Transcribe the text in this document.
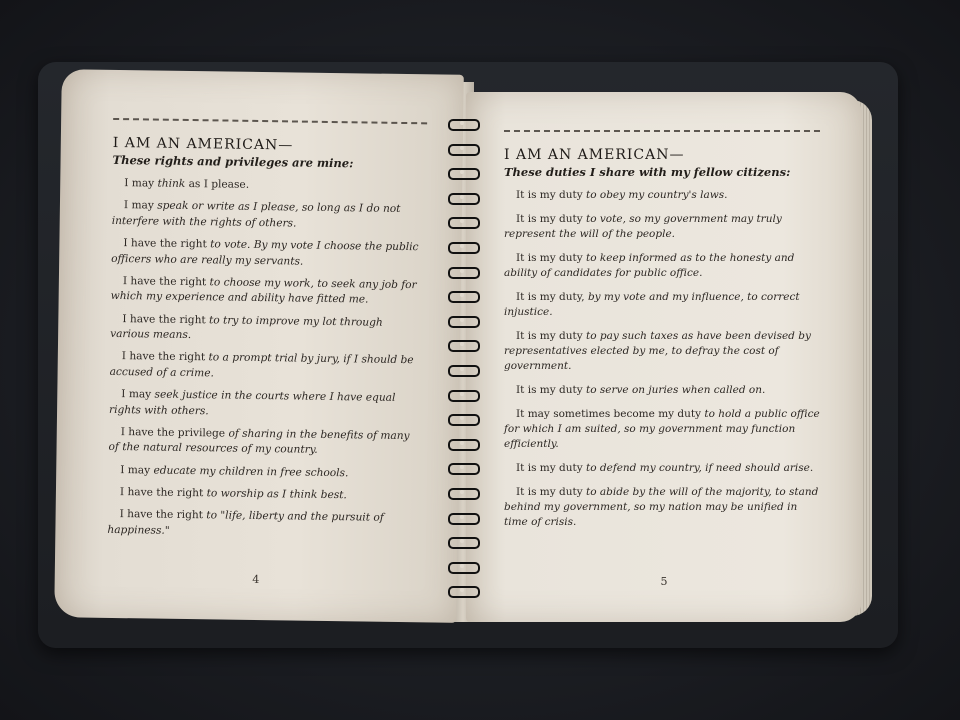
I AM AN AMERICAN—

These rights and privileges are mine:

I may think as I please.

I may speak or write as I please, so long as I do not interfere with the rights of others.

I have the right to vote. By my vote I choose the public officers who are really my servants.

I have the right to choose my work, to seek any job for which my experience and ability have fitted me.

I have the right to try to improve my lot through various means.

I have the right to a prompt trial by jury, if I should be accused of a crime.

I may seek justice in the courts where I have equal rights with others.

I have the privilege of sharing in the benefits of many of the natural resources of my country.

I may educate my children in free schools.

I have the right to worship as I think best.

I have the right to "life, liberty and the pursuit of happiness."

4

I AM AN AMERICAN—

These duties I share with my fellow citizens:

It is my duty to obey my country's laws.

It is my duty to vote, so my government may truly represent the will of the people.

It is my duty to keep informed as to the honesty and ability of candidates for public office.

It is my duty, by my vote and my influence, to correct injustice.

It is my duty to pay such taxes as have been devised by representatives elected by me, to defray the cost of government.

It is my duty to serve on juries when called on.

It may sometimes become my duty to hold a public office for which I am suited, so my government may function efficiently.

It is my duty to defend my country, if need should arise.

It is my duty to abide by the will of the majority, to stand behind my government, so my nation may be unified in time of crisis.

5
